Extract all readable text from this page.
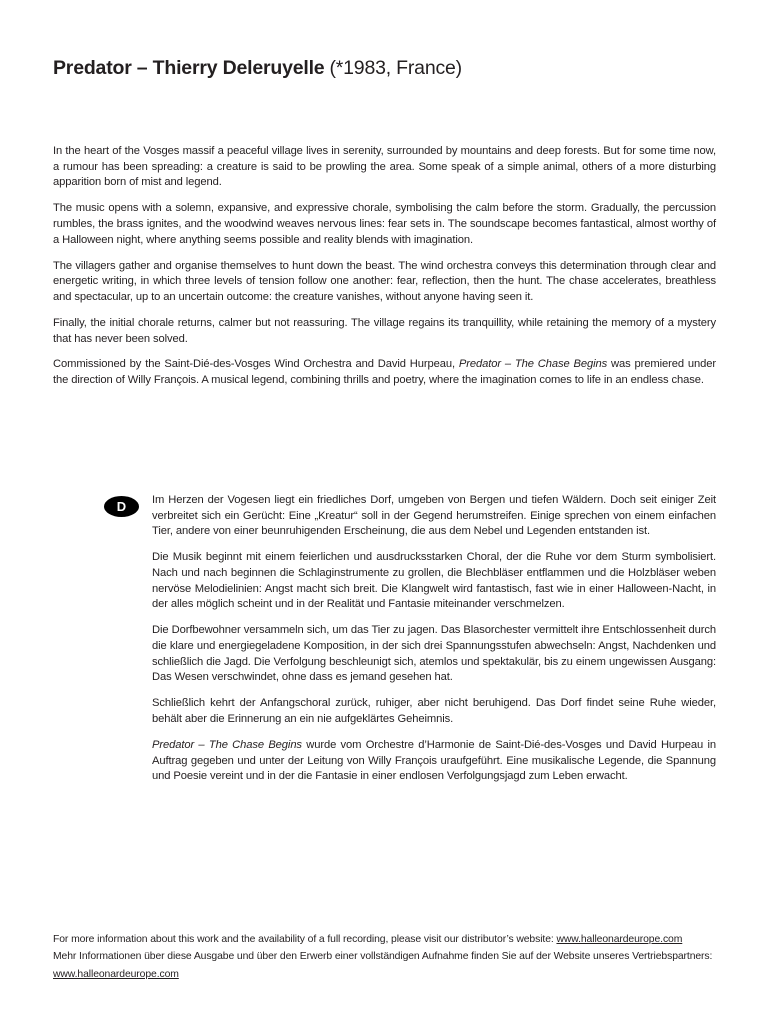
Predator – Thierry Deleruyelle (*1983, France)

In the heart of the Vosges massif a peaceful village lives in serenity, surrounded by mountains and deep forests. But for some time now, a rumour has been spreading: a creature is said to be prowling the area. Some speak of a simple animal, others of a more disturbing apparition born of mist and legend.

The music opens with a solemn, expansive, and expressive chorale, symbolising the calm before the storm. Gradually, the percussion rumbles, the brass ignites, and the woodwind weaves nervous lines: fear sets in. The soundscape becomes fantastical, almost worthy of a Halloween night, where anything seems possible and reality blends with imagination.

The villagers gather and organise themselves to hunt down the beast. The wind orchestra conveys this determination through clear and energetic writing, in which three levels of tension follow one another: fear, reflection, then the hunt. The chase accelerates, breathless and spectacular, up to an uncertain outcome: the creature vanishes, without anyone having seen it.

Finally, the initial chorale returns, calmer but not reassuring. The village regains its tranquillity, while retaining the memory of a mystery that has never been solved.

Commissioned by the Saint-Dié-des-Vosges Wind Orchestra and David Hurpeau, Predator – The Chase Begins was premiered under the direction of Willy François. A musical legend, combining thrills and poetry, where the imagination comes to life in an endless chase.

D	Im Herzen der Vogesen liegt ein friedliches Dorf, umgeben von Bergen und tiefen Wäldern. Doch seit einiger Zeit verbreitet sich ein Gerücht: Eine „Kreatur“ soll in der Gegend herumstreifen. Einige sprechen von einem einfachen Tier, andere von einer beunruhigenden Erscheinung, die aus dem Nebel und Legenden entstanden ist.

Die Musik beginnt mit einem feierlichen und ausdrucksstarken Choral, der die Ruhe vor dem Sturm symbolisiert. Nach und nach beginnen die Schlaginstrumente zu grollen, die Blechbläser entflammen und die Holzbläser weben nervöse Melodielinien: Angst macht sich breit. Die Klangwelt wird fantastisch, fast wie in einer Halloween-Nacht, in der alles möglich scheint und in der Realität und Fantasie miteinander verschmelzen.

Die Dorfbewohner versammeln sich, um das Tier zu jagen. Das Blasorchester vermittelt ihre Entschlossenheit durch die klare und energiegeladene Komposition, in der sich drei Spannungsstufen abwechseln: Angst, Nachdenken und schließlich die Jagd. Die Verfolgung beschleunigt sich, atemlos und spektakulär, bis zu einem ungewissen Ausgang: Das Wesen verschwindet, ohne dass es jemand gesehen hat.

Schließlich kehrt der Anfangschoral zurück, ruhiger, aber nicht beruhigend. Das Dorf findet seine Ruhe wieder, behält aber die Erinnerung an ein nie aufgeklärtes Geheimnis.

Predator – The Chase Begins wurde vom Orchestre d’Harmonie de Saint-Dié-des-Vosges und David Hurpeau in Auftrag gegeben und unter der Leitung von Willy François uraufgeführt. Eine musikalische Legende, die Spannung und Poesie vereint und in der die Fantasie in einer endlosen Verfolgungsjagd zum Leben erwacht.

For more information about this work and the availability of a full recording, please visit our distributor’s website: www.halleonardeurope.com

Mehr Informationen über diese Ausgabe und über den Erwerb einer vollständigen Aufnahme finden Sie auf der Website unseres Vertriebspartners:

www.halleonardeurope.com
